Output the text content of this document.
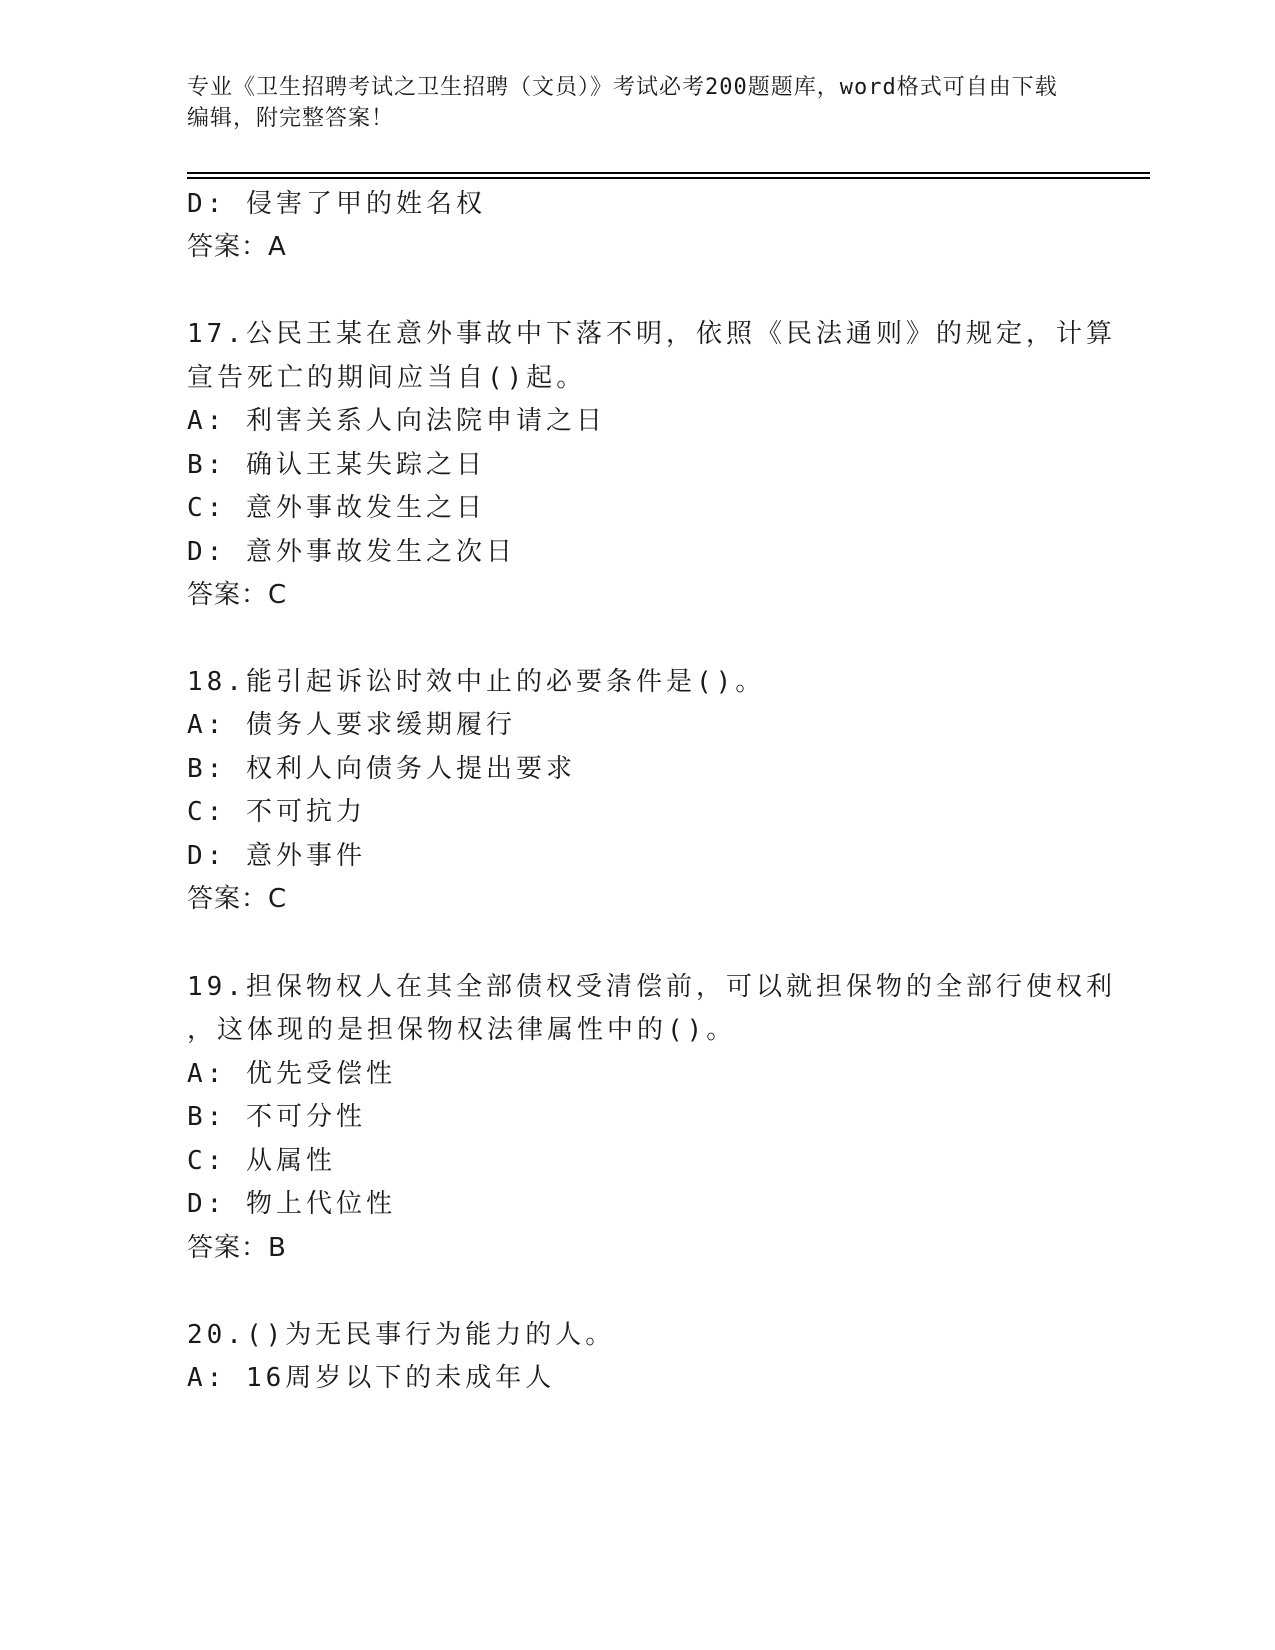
专业《卫生招聘考试之卫生招聘（文员）》考试必考200题题库，word格式可自由下载编辑，附完整答案！
D: 侵害了甲的姓名权
答案：A
17.公民王某在意外事故中下落不明，依照《民法通则》的规定，计算
宣告死亡的期间应当自()起。
A: 利害关系人向法院申请之日
B: 确认王某失踪之日
C: 意外事故发生之日
D: 意外事故发生之次日
答案：C
18.能引起诉讼时效中止的必要条件是()。
A: 债务人要求缓期履行
B: 权利人向债务人提出要求
C: 不可抗力
D: 意外事件
答案：C
19.担保物权人在其全部债权受清偿前，可以就担保物的全部行使权利
，这体现的是担保物权法律属性中的()。
A: 优先受偿性
B: 不可分性
C: 从属性
D: 物上代位性
答案：B
20.()为无民事行为能力的人。
A: 16周岁以下的未成年人
